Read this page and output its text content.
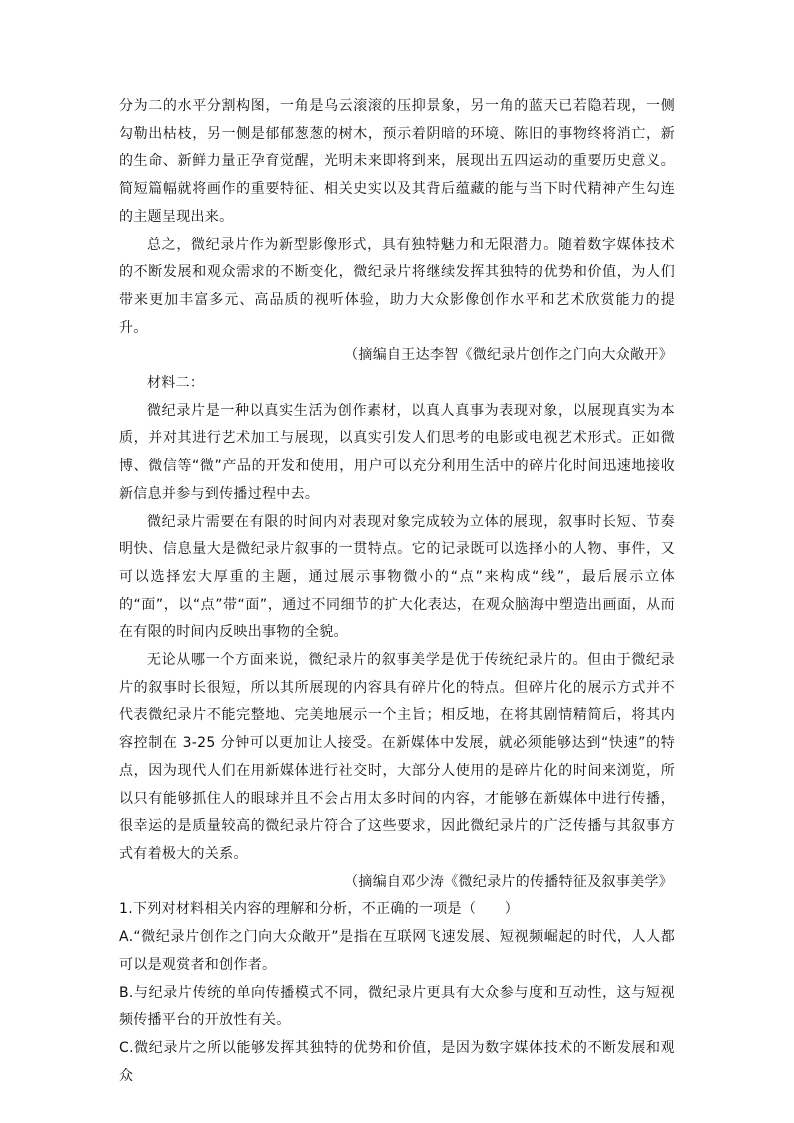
分为二的水平分割构图，一角是乌云滚滚的压抑景象，另一角的蓝天已若隐若现，一侧勾勒出枯枝，另一侧是郁郁葱葱的树木，预示着阴暗的环境、陈旧的事物终将消亡，新的生命、新鲜力量正孕育觉醒，光明未来即将到来，展现出五四运动的重要历史意义。简短篇幅就将画作的重要特征、相关史实以及其背后蕴藏的能与当下时代精神产生勾连的主题呈现出来。

总之，微纪录片作为新型影像形式，具有独特魅力和无限潜力。随着数字媒体技术的不断发展和观众需求的不断变化，微纪录片将继续发挥其独特的优势和价值，为人们带来更加丰富多元、高品质的视听体验，助力大众影像创作水平和艺术欣赏能力的提升。

（摘编自王达李智《微纪录片创作之门向大众敞开》

材料二：

微纪录片是一种以真实生活为创作素材，以真人真事为表现对象，以展现真实为本质，并对其进行艺术加工与展现，以真实引发人们思考的电影或电视艺术形式。正如微博、微信等“微”产品的开发和使用，用户可以充分利用生活中的碎片化时间迅速地接收新信息并参与到传播过程中去。

微纪录片需要在有限的时间内对表现对象完成较为立体的展现，叙事时长短、节奏明快、信息量大是微纪录片叙事的一贯特点。它的记录既可以选择小的人物、事件，又可以选择宏大厚重的主题，通过展示事物微小的“点”来构成“线”，最后展示立体的“面”，以“点”带“面”，通过不同细节的扩大化表达，在观众脑海中塑造出画面，从而在有限的时间内反映出事物的全貌。

无论从哪一个方面来说，微纪录片的叙事美学是优于传统纪录片的。但由于微纪录片的叙事时长很短，所以其所展现的内容具有碎片化的特点。但碎片化的展示方式并不代表微纪录片不能完整地、完美地展示一个主旨；相反地，在将其剧情精简后，将其内容控制在 3-25 分钟可以更加让人接受。在新媒体中发展，就必须能够达到“快速”的特点，因为现代人们在用新媒体进行社交时，大部分人使用的是碎片化的时间来浏览，所以只有能够抓住人的眼球并且不会占用太多时间的内容，才能够在新媒体中进行传播，很幸运的是质量较高的微纪录片符合了这些要求，因此微纪录片的广泛传播与其叙事方式有着极大的关系。

（摘编自邓少涛《微纪录片的传播特征及叙事美学》

1.下列对材料相关内容的理解和分析，不正确的一项是（　　）

A.“微纪录片创作之门向大众敞开”是指在互联网飞速发展、短视频崛起的时代，人人都可以是观赏者和创作者。

B.与纪录片传统的单向传播模式不同，微纪录片更具有大众参与度和互动性，这与短视频传播平台的开放性有关。

C.微纪录片之所以能够发挥其独特的优势和价值，是因为数字媒体技术的不断发展和观众
